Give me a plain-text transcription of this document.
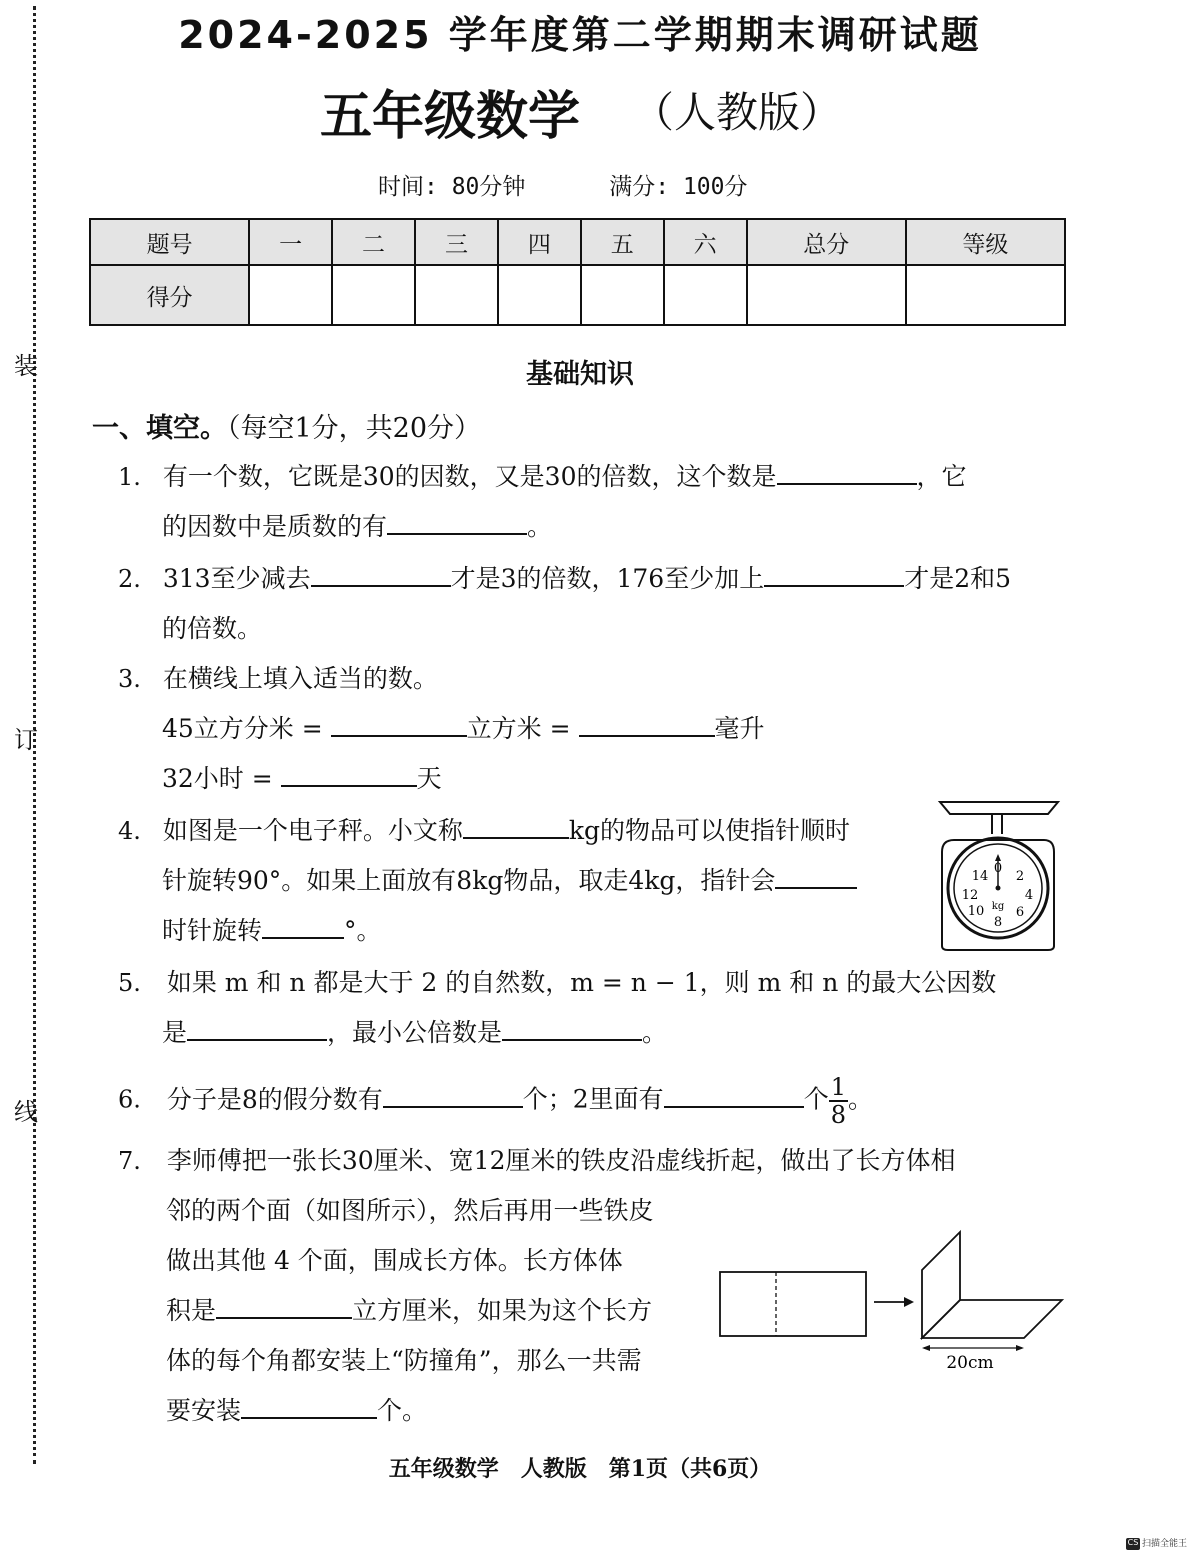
装
订
线
2024-2025 学年度第二学期期末调研试题
五年级数学 （人教版）
时间: 80分钟	满分: 100分
题号	一	二	三	四	五	六	总分	等级
得分								
基础知识
一、填空。（每空1分，共20分）
1. 有一个数，它既是30的因数，又是30的倍数，这个数是	，它
的因数中是质数的有	。
2. 313至少减去	才是3的倍数，176至少加上	才是2和5
的倍数。
3. 在横线上填入适当的数。
45立方分米 =	立方米 =	毫升
32小时 =	天
4. 如图是一个电子秤。小文称	kg的物品可以使指针顺时
针旋转90°。如果上面放有8kg物品，取走4kg，指针会
时针旋转	°。
0
2
4
6
8
10
12
14
kg
5. 如果 m 和 n 都是大于 2 的自然数，m = n − 1，则 m 和 n 的最大公因数
是	，最小公倍数是	。
6. 分子是8的假分数有	个；2里面有	个 $\frac{1}{8}$ 。
7. 李师傅把一张长30厘米、宽12厘米的铁皮沿虚线折起，做出了长方体相
邻的两个面（如图所示），然后再用一些铁皮
做出其他 4 个面，围成长方体。长方体体
积是	立方厘米，如果为这个长方
体的每个角都安装上“防撞角”，那么一共需
要安装	个。
20cm
五年级数学　人教版　第1页（共6页）
CS 扫描全能王
